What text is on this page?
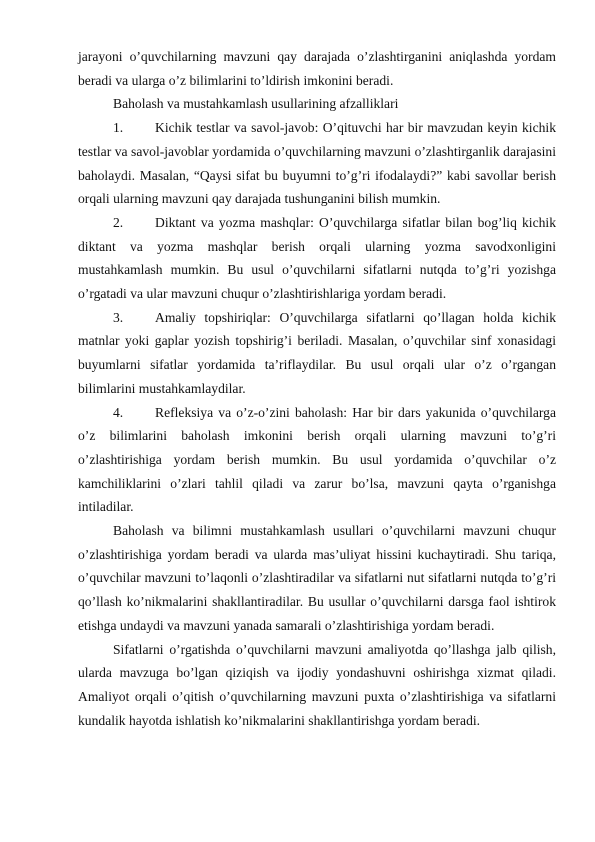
jarayoni o’quvchilarning mavzuni qay darajada o’zlashtirganini aniqlashda yordam beradi va ularga o’z bilimlarini to’ldirish imkonini beradi.

Baholash va mustahkamlash usullarining afzalliklari

1. Kichik testlar va savol-javob: O’qituvchi har bir mavzudan keyin kichik testlar va savol-javoblar yordamida o’quvchilarning mavzuni o’zlashtirganlik darajasini baholaydi. Masalan, “Qaysi sifat bu buyumni to’g’ri ifodalaydi?” kabi savollar berish orqali ularning mavzuni qay darajada tushunganini bilish mumkin.

2. Diktant va yozma mashqlar: O’quvchilarga sifatlar bilan bog’liq kichik diktant va yozma mashqlar berish orqali ularning yozma savodxonligini mustahkamlash mumkin. Bu usul o’quvchilarni sifatlarni nutqda to’g’ri yozishga o’rgatadi va ular mavzuni chuqur o’zlashtirishlariga yordam beradi.

3. Amaliy topshiriqlar: O’quvchilarga sifatlarni qo’llagan holda kichik matnlar yoki gaplar yozish topshirig’i beriladi. Masalan, o’quvchilar sinf xonasidagi buyumlarni sifatlar yordamida ta’riflaydilar. Bu usul orqali ular o’z o’rgangan bilimlarini mustahkamlaydilar.

4. Refleksiya va o’z-o’zini baholash: Har bir dars yakunida o’quvchilarga o’z bilimlarini baholash imkonini berish orqali ularning mavzuni to’g’ri o’zlashtirishiga yordam berish mumkin. Bu usul yordamida o’quvchilar o’z kamchiliklarini o’zlari tahlil qiladi va zarur bo’lsa, mavzuni qayta o’rganishga intiladilar.

Baholash va bilimni mustahkamlash usullari o’quvchilarni mavzuni chuqur o’zlashtirishiga yordam beradi va ularda mas’uliyat hissini kuchaytiradi. Shu tariqa, o’quvchilar mavzuni to’laqonli o’zlashtiradilar va sifatlarni nut sifatlarni nutqda to’g’ri qo’llash ko’nikmalarini shakllantiradilar. Bu usullar o’quvchilarni darsga faol ishtirok etishga undaydi va mavzuni yanada samarali o’zlashtirishiga yordam beradi.

Sifatlarni o’rgatishda o’quvchilarni mavzuni amaliyotda qo’llashga jalb qilish, ularda mavzuga bo’lgan qiziqish va ijodiy yondashuvni oshirishga xizmat qiladi. Amaliyot orqali o’qitish o’quvchilarning mavzuni puxta o’zlashtirishiga va sifatlarni kundalik hayotda ishlatish ko’nikmalarini shakllantirishga yordam beradi.
